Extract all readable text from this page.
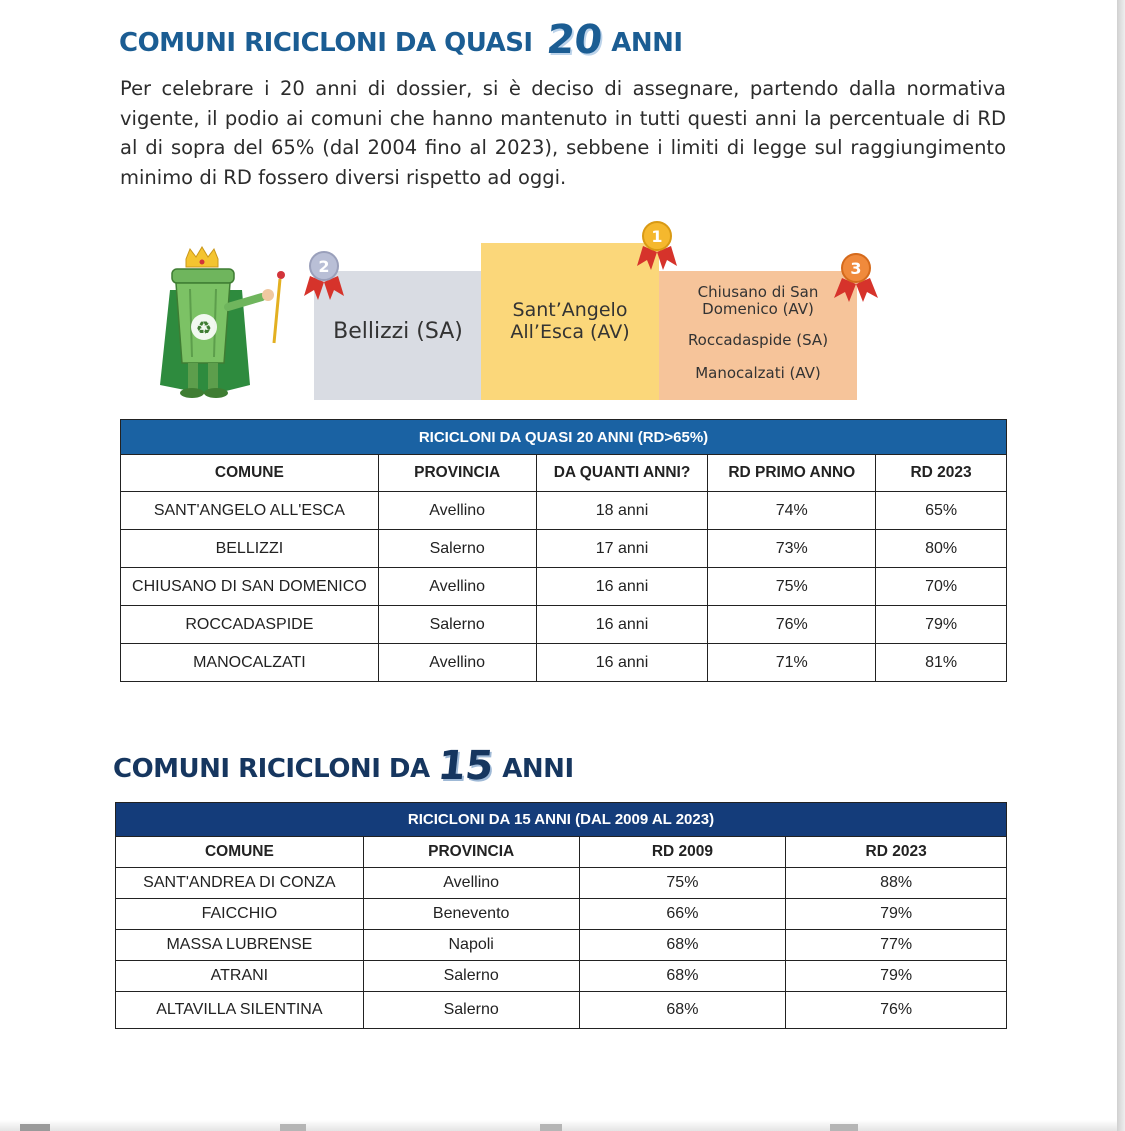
COMUNI RICICLONI DA QUASI 20 ANNI

Per celebrare i 20 anni di dossier, si è deciso di assegnare, partendo dalla normativa vigente, il podio ai comuni che hanno mantenuto in tutti questi anni la percentuale di RD al di sopra del 65% (dal 2004 fino al 2023), sebbene i limiti di legge sul raggiungimento minimo di RD fossero diversi rispetto ad oggi.

♻	Bellizzi (SA)
Sant’Angelo All’Esca (AV)
Chiusano di San Domenico (AV)
Roccadaspide (SA)
Manocalzati (AV)
2
1
3
RICICLONI DA QUASI 20 ANNI (RD>65%)				
COMUNE	PROVINCIA	DA QUANTI ANNI?	RD PRIMO ANNO	RD 2023
SANT'ANGELO ALL'ESCA	Avellino	18 anni	74%	65%
BELLIZZI	Salerno	17 anni	73%	80%
CHIUSANO DI SAN DOMENICO	Avellino	16 anni	75%	70%
ROCCADASPIDE	Salerno	16 anni	76%	79%
MANOCALZATI	Avellino	16 anni	71%	81%
COMUNI RICICLONI DA 15 ANNI
RICICLONI DA 15 ANNI (DAL 2009 AL 2023)			
COMUNE	PROVINCIA	RD 2009	RD 2023
SANT'ANDREA DI CONZA	Avellino	75%	88%
FAICCHIO	Benevento	66%	79%
MASSA LUBRENSE	Napoli	68%	77%
ATRANI	Salerno	68%	79%
ALTAVILLA SILENTINA	Salerno	68%	76%
